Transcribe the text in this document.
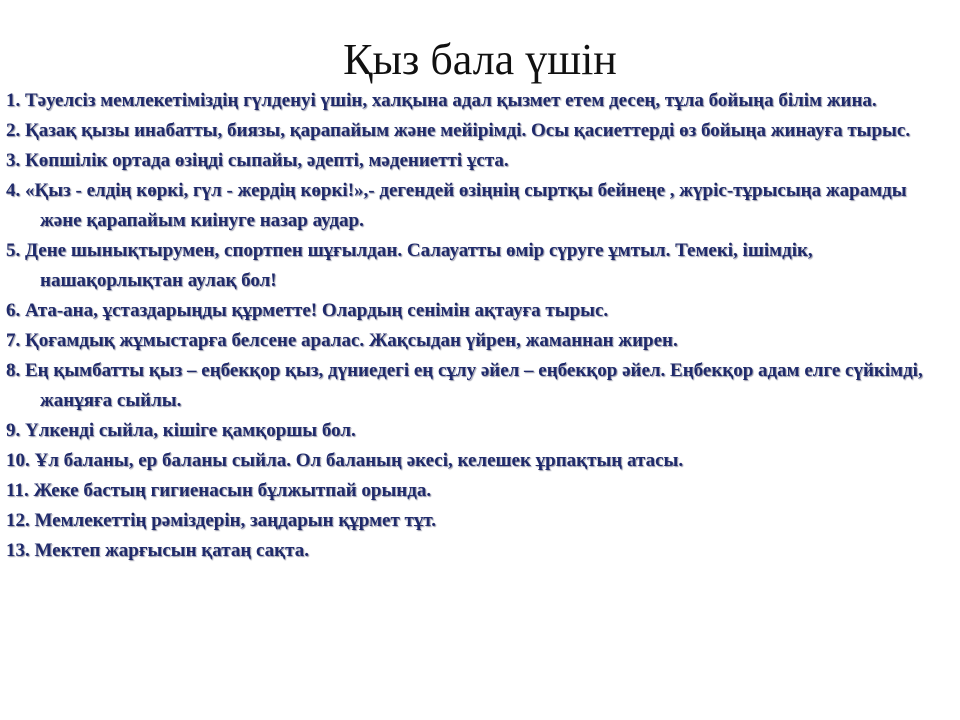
Қыз бала үшін
1. Тәуелсіз мемлекетіміздің гүлденуі үшін, халқына адал қызмет етем десең, тұла бойыңа білім жина.
2. Қазақ қызы инабатты, биязы, қарапайым және мейірімді. Осы қасиеттерді өз бойыңа жинауға тырыс.
3. Көпшілік ортада өзіңді сыпайы, әдепті, мәдениетті ұста.
4. «Қыз - елдің көркі, гүл - жердің көркі!»,- дегендей өзіңнің сыртқы бейнеңе , жүріс-тұрысыңа жарамды және қарапайым киінуге назар аудар.
5. Дене шынықтырумен, спортпен шұғылдан. Салауатты өмір сүруге ұмтыл. Темекі, ішімдік, нашақорлықтан аулақ бол!
6. Ата-ана, ұстаздарыңды құрметте! Олардың сенімін ақтауға тырыс.
7. Қоғамдық жұмыстарға белсене аралас. Жақсыдан үйрен, жаманнан жирен.
8. Ең қымбатты қыз – еңбекқор қыз, дүниедегі ең сұлу әйел – еңбекқор әйел. Еңбекқор адам елге сүйкімді, жанұяға сыйлы.
9. Үлкенді сыйла, кішіге қамқоршы бол.
10. Ұл баланы, ер баланы сыйла. Ол баланың әкесі, келешек ұрпақтың атасы.
11. Жеке бастың гигиенасын бұлжытпай орында.
12. Мемлекеттің рәміздерін, заңдарын құрмет тұт.
13. Мектеп жарғысын қатаң сақта.
